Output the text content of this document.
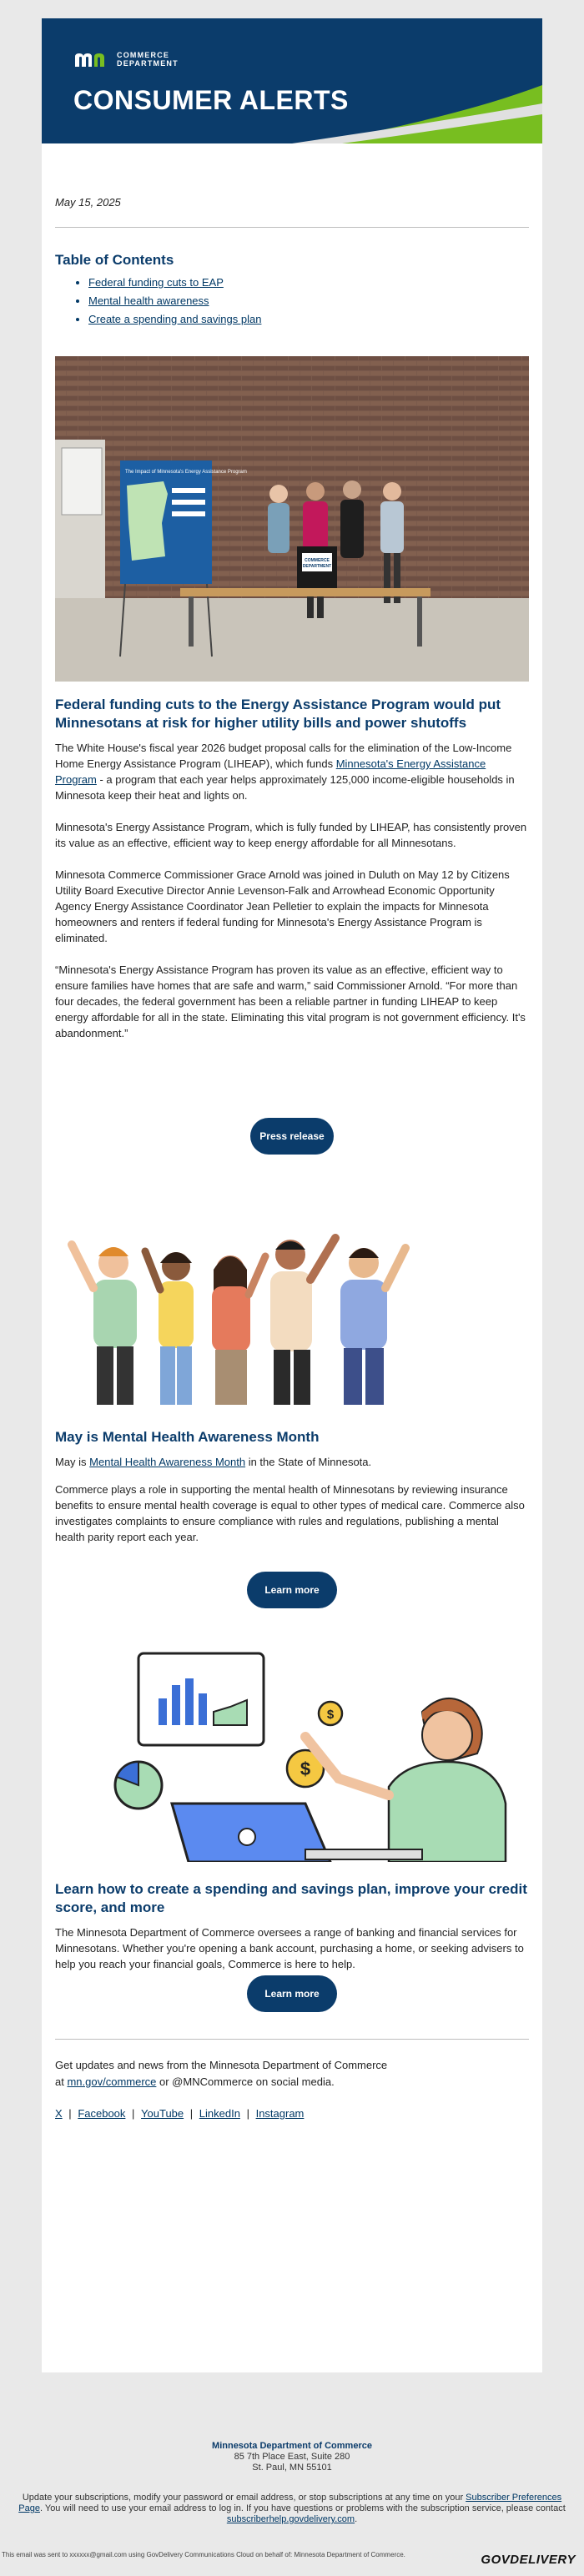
COMMERCE
DEPARTMENT
CONSUMER ALERTS
May 15, 2025
Table of Contents
• Federal funding cuts to EAP
• Mental health awareness
• Create a spending and savings plan
The Impact of Minnesota's Energy Assistance Program
COMMERCE
DEPARTMENT
Federal funding cuts to the Energy Assistance Program would put Minnesotans at risk for higher utility bills and power shutoffs

The White House's fiscal year 2026 budget proposal calls for the elimination of the Low-Income Home Energy Assistance Program (LIHEAP), which funds Minnesota's Energy Assistance Program - a program that each year helps approximately 125,000 income-eligible households in Minnesota keep their heat and lights on.

Minnesota's Energy Assistance Program, which is fully funded by LIHEAP, has consistently proven its value as an effective, efficient way to keep energy affordable for all Minnesotans.

Minnesota Commerce Commissioner Grace Arnold was joined in Duluth on May 12 by Citizens Utility Board Executive Director Annie Levenson-Falk and Arrowhead Economic Opportunity Agency Energy Assistance Coordinator Jean Pelletier to explain the impacts for Minnesota homeowners and renters if federal funding for Minnesota's Energy Assistance Program is eliminated.

“Minnesota's Energy Assistance Program has proven its value as an effective, efficient way to ensure families have homes that are safe and warm,” said Commissioner Arnold. “For more than four decades, the federal government has been a reliable partner in funding LIHEAP to keep energy affordable for all in the state. Eliminating this vital program is not government efficiency. It's abandonment.”

Press release
May is Mental Health Awareness Month

May is Mental Health Awareness Month in the State of Minnesota.

Commerce plays a role in supporting the mental health of Minnesotans by reviewing insurance benefits to ensure mental health coverage is equal to other types of medical care. Commerce also investigates complaints to ensure compliance with rules and regulations, publishing a mental health parity report each year.

Learn more
$
$
Learn how to create a spending and savings plan, improve your credit score, and more

The Minnesota Department of Commerce oversees a range of banking and financial services for Minnesotans. Whether you're opening a bank account, purchasing a home, or seeking advisers to help you reach your financial goals, Commerce is here to help.

Learn more
Get updates and news from the Minnesota Department of Commerce
at mn.gov/commerce or @MNCommerce on social media.
X | Facebook | YouTube | LinkedIn | Instagram
Minnesota Department of Commerce
85 7th Place East, Suite 280
St. Paul, MN 55101
Update your subscriptions, modify your password or email address, or stop subscriptions at any time on your Subscriber Preferences Page. You will need to use your email address to log in. If you have questions or problems with the subscription service, please contact subscriberhelp.govdelivery.com.
This email was sent to xxxxxx@gmail.com using GovDelivery Communications Cloud on behalf of: Minnesota Department of Commerce.	GOVDELIVERY
